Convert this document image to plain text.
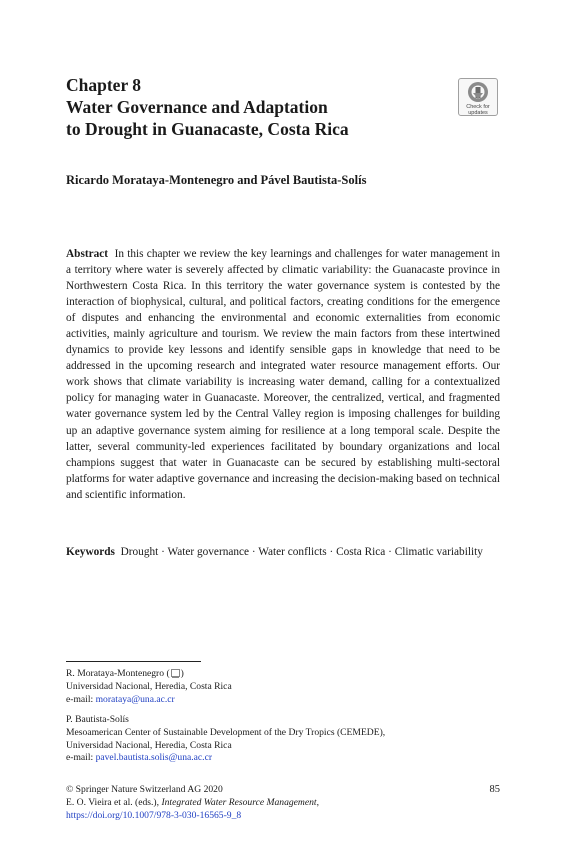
Chapter 8
Water Governance and Adaptation
to Drought in Guanacaste, Costa Rica
Check for
updates
Ricardo Morataya-Montenegro and Pável Bautista-Solís
Abstract In this chapter we review the key learnings and challenges for water management in a territory where water is severely affected by climatic variability: the Guanacaste province in Northwestern Costa Rica. In this territory the water governance system is contested by the interaction of biophysical, cultural, and political factors, creating conditions for the emergence of disputes and enhancing the environmental and economic externalities from economic activities, mainly agriculture and tourism. We review the main factors from these intertwined dynamics to provide key lessons and identify sensible gaps in knowledge that need to be addressed in the upcoming research and integrated water resource management efforts. Our work shows that climate variability is increasing water demand, calling for a contextualized policy for managing water in Guanacaste. Moreover, the centralized, vertical, and fragmented water governance system led by the Central Valley region is imposing challenges for building up an adaptive governance system aiming for resilience at a long temporal scale. Despite the latter, several community-led experiences facilitated by boundary organizations and local champions suggest that water in Guanacaste can be secured by establishing multi-sectoral platforms for water adaptive governance and increasing the decision-making based on technical and scientific information.
Keywords Drought · Water governance · Water conflicts · Costa Rica · Climatic variability
R. Morataya-Montenegro ( )
Universidad Nacional, Heredia, Costa Rica
e-mail: morataya@una.ac.cr
P. Bautista-Solís
Mesoamerican Center of Sustainable Development of the Dry Tropics (CEMEDE),
Universidad Nacional, Heredia, Costa Rica
e-mail: pavel.bautista.solis@una.ac.cr
© Springer Nature Switzerland AG 2020	85
E. O. Vieira et al. (eds.), Integrated Water Resource Management,
https://doi.org/10.1007/978-3-030-16565-9_8
